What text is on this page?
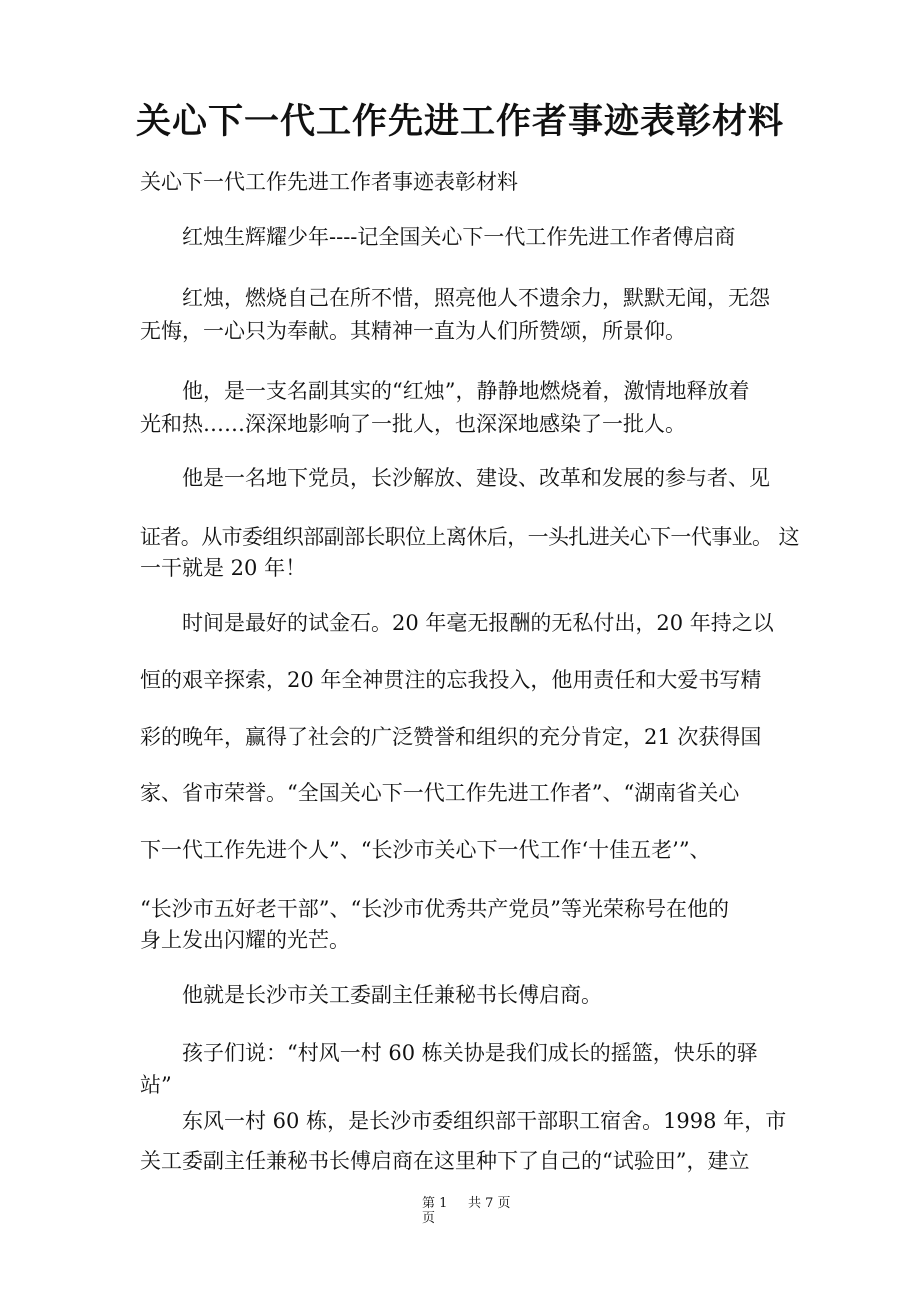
关心下一代工作先进工作者事迹表彰材料
关心下一代工作先进工作者事迹表彰材料
红烛生辉耀少年----记全国关心下一代工作先进工作者傅启商
红烛，燃烧自己在所不惜，照亮他人不遗余力，默默无闻，无怨
无悔，一心只为奉献。其精神一直为人们所赞颂，所景仰。
他，是一支名副其实的“红烛”，静静地燃烧着，激情地释放着
光和热……深深地影响了一批人，也深深地感染了一批人。
他是一名地下党员，长沙解放、建设、改革和发展的参与者、见
证者。从市委组织部副部长职位上离休后，一头扎进关心下一代事业。 这
一干就是 20 年！
时间是最好的试金石。20 年毫无报酬的无私付出，20 年持之以
恒的艰辛探索，20 年全神贯注的忘我投入，他用责任和大爱书写精
彩的晚年，赢得了社会的广泛赞誉和组织的充分肯定，21 次获得国
家、省市荣誉。“全国关心下一代工作先进工作者”、“湖南省关心
下一代工作先进个人”、“长沙市关心下一代工作‘十佳五老’”、
“长沙市五好老干部”、“长沙市优秀共产党员”等光荣称号在他的
身上发出闪耀的光芒。
他就是长沙市关工委副主任兼秘书长傅启商。
孩子们说：“村风一村 60 栋关协是我们成长的摇篮，快乐的驿
站”
东风一村 60 栋，是长沙市委组织部干部职工宿舍。1998 年，市
关工委副主任兼秘书长傅启商在这里种下了自己的“试验田”，建立
第 1
页
共 7 页
